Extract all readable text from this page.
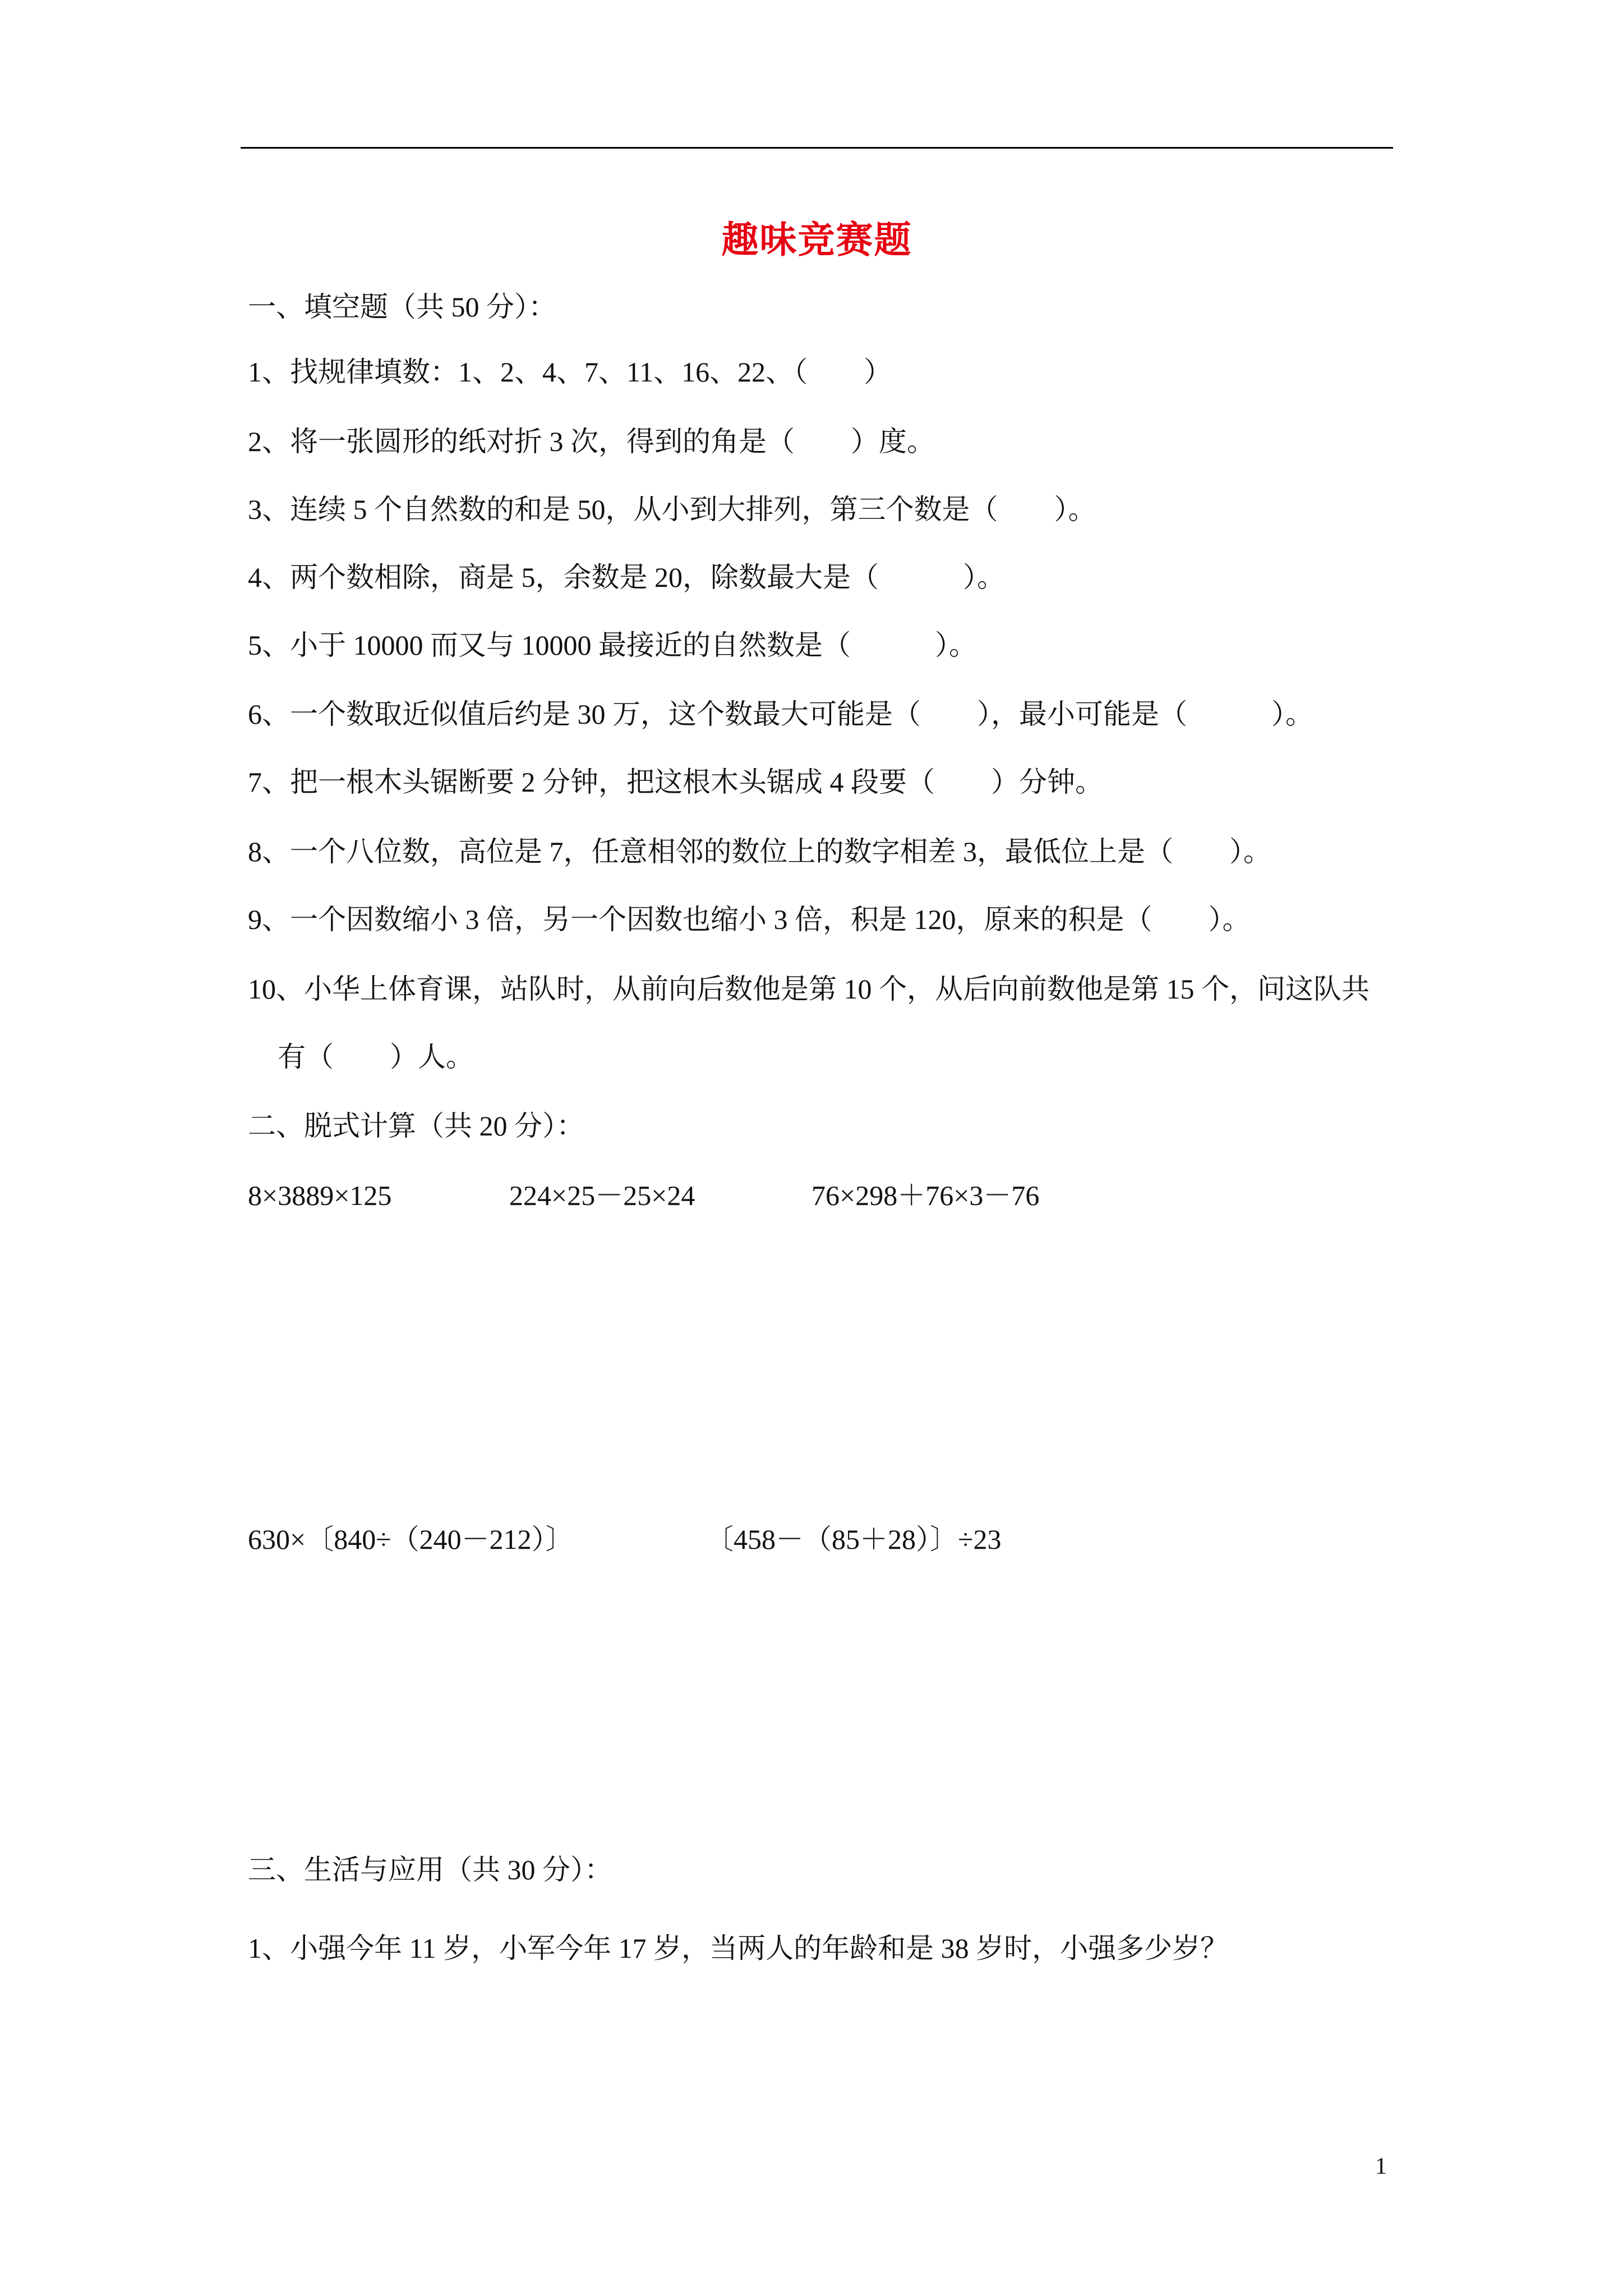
趣味竞赛题
一、填空题（共 50 分）：
1、找规律填数：1、2、4、7、11、16、22、（　　）
2、将一张圆形的纸对折 3 次，得到的角是（　　）度。
3、连续 5 个自然数的和是 50，从小到大排列，第三个数是（　　）。
4、两个数相除，商是 5，余数是 20，除数最大是（　　　）。
5、小于 10000 而又与 10000 最接近的自然数是（　　　）。
6、一个数取近似值后约是 30 万，这个数最大可能是（　　），最小可能是（　　　）。
7、把一根木头锯断要 2 分钟，把这根木头锯成 4 段要（　　）分钟。
8、一个八位数，高位是 7，任意相邻的数位上的数字相差 3，最低位上是（　　）。
9、一个因数缩小 3 倍，另一个因数也缩小 3 倍，积是 120，原来的积是（　　）。
10、小华上体育课，站队时，从前向后数他是第 10 个，从后向前数他是第 15 个，问这队共
有（　　）人。
二、脱式计算（共 20 分）：
8×3889×125	224×25－25×24	76×298＋76×3－76
630×〔840÷（240－212）〕	〔458－（85＋28）〕÷23
三、生活与应用（共 30 分）：
1、小强今年 11 岁，小军今年 17 岁，当两人的年龄和是 38 岁时，小强多少岁？
1
